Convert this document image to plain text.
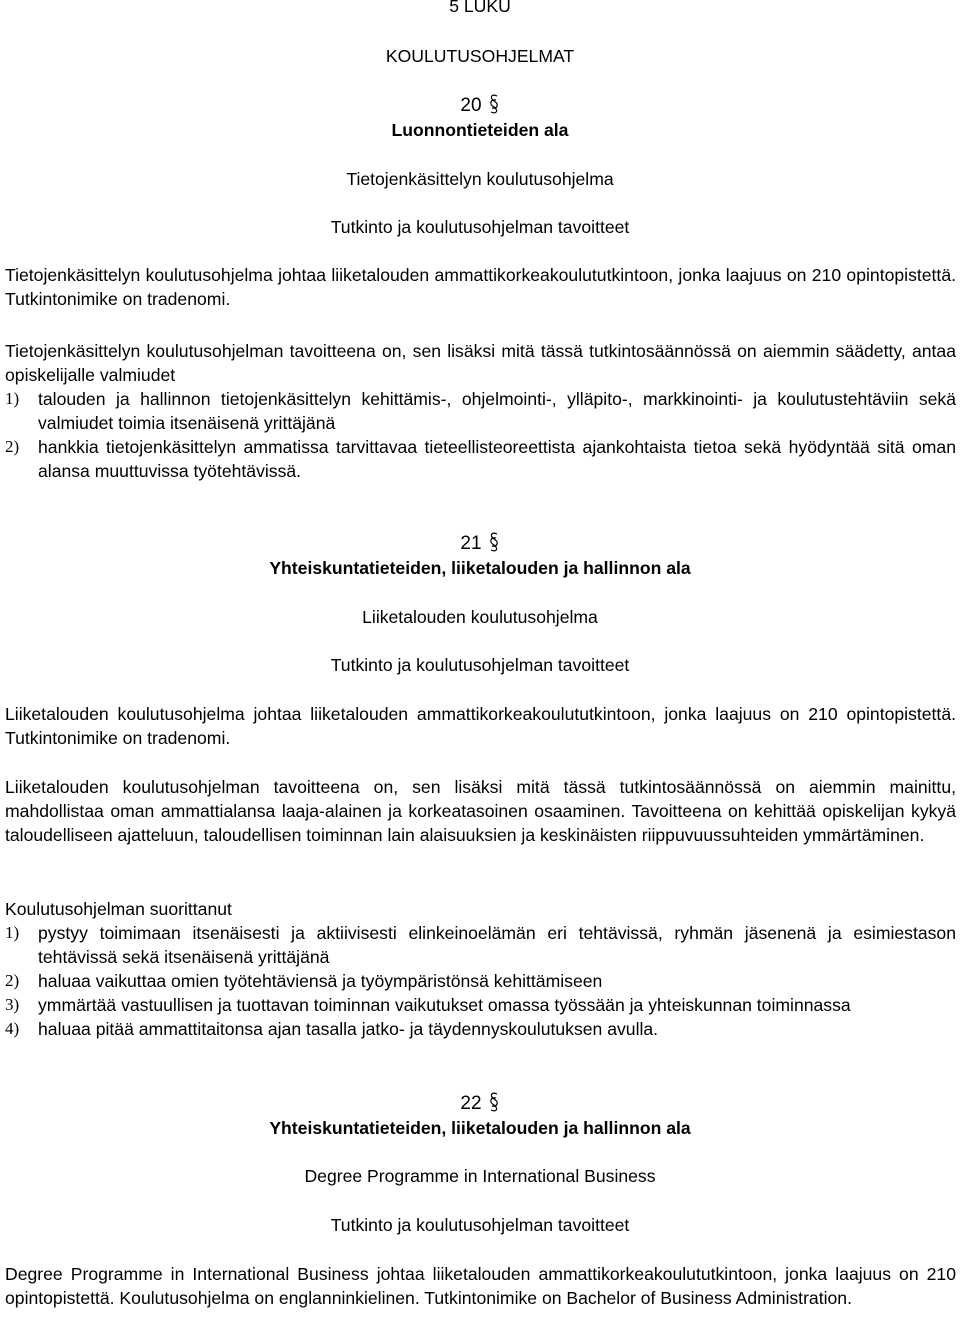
5 LUKU
KOULUTUSOHJELMAT
20
Luonnontieteiden ala
Tietojenkäsittelyn koulutusohjelma
Tutkinto ja koulutusohjelman tavoitteet

Tietojenkäsittelyn koulutusohjelma johtaa liiketalouden ammattikorkeakoulututkintoon, jonka laajuus on 210 opintopistettä. Tutkintonimike on tradenomi.

Tietojenkäsittelyn koulutusohjelman tavoitteena on, sen lisäksi mitä tässä tutkintosäännössä on aiemmin säädetty, antaa opiskelijalle valmiudet

1) talouden ja hallinnon tietojenkäsittelyn kehittämis-, ohjelmointi-, ylläpito-, markkinointi- ja koulutustehtäviin sekä valmiudet toimia itsenäisenä yrittäjänä
2) hankkia tietojenkäsittelyn ammatissa tarvittavaa tieteellisteoreettista ajankohtaista tietoa sekä hyödyntää sitä oman alansa muuttuvissa työtehtävissä.
21
Yhteiskuntatieteiden, liiketalouden ja hallinnon ala
Liiketalouden koulutusohjelma
Tutkinto ja koulutusohjelman tavoitteet

Liiketalouden koulutusohjelma johtaa liiketalouden ammattikorkeakoulututkintoon, jonka laajuus on 210 opintopistettä. Tutkintonimike on tradenomi.

Liiketalouden koulutusohjelman tavoitteena on, sen lisäksi mitä tässä tutkintosäännössä on aiemmin mainittu, mahdollistaa oman ammattialansa laaja-alainen ja korkeatasoinen osaaminen. Tavoitteena on kehittää opiskelijan kykyä taloudelliseen ajatteluun, taloudellisen toiminnan lain alaisuuksien ja keskinäisten riippuvuussuhteiden ymmärtäminen.

Koulutusohjelman suorittanut
1) pystyy toimimaan itsenäisesti ja aktiivisesti elinkeinoelämän eri tehtävissä, ryhmän jäsenenä ja esimiestason tehtävissä sekä itsenäisenä yrittäjänä
2) haluaa vaikuttaa omien työtehtäviensä ja työympäristönsä kehittämiseen
3) ymmärtää vastuullisen ja tuottavan toiminnan vaikutukset omassa työssään ja yhteiskunnan toiminnassa
4) haluaa pitää ammattitaitonsa ajan tasalla jatko- ja täydennyskoulutuksen avulla.
22
Yhteiskuntatieteiden, liiketalouden ja hallinnon ala
Degree Programme in International Business
Tutkinto ja koulutusohjelman tavoitteet

Degree Programme in International Business johtaa liiketalouden ammattikorkeakoulututkintoon, jonka laajuus on 210 opintopistettä. Koulutusohjelma on englanninkielinen. Tutkintonimike on Bachelor of Business Administration.
